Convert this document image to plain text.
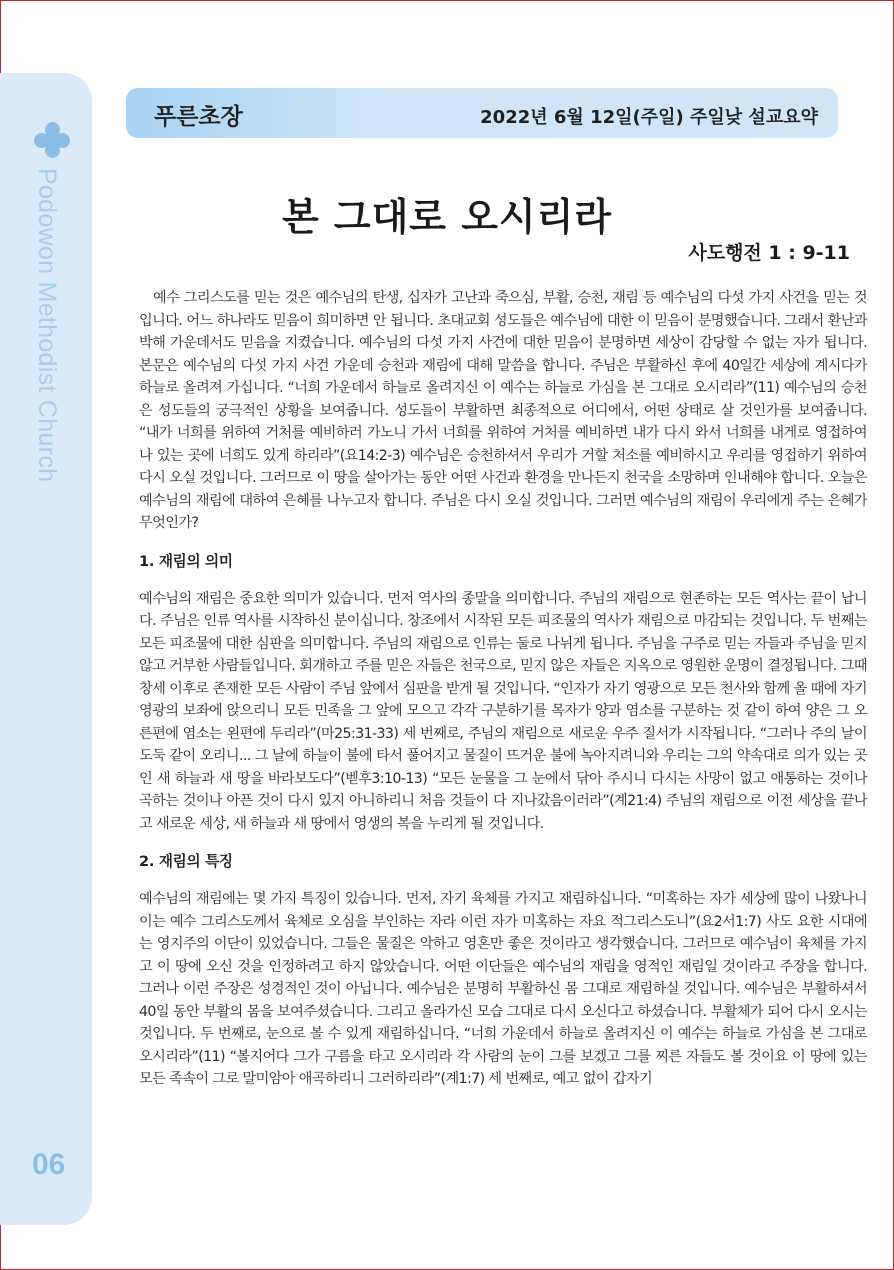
Podowon Methodist Church
06
푸른초장	2022년 6월 12일(주일) 주일낮 설교요약
본 그대로 오시리라
사도행전 1 : 9-11

예수 그리스도를 믿는 것은 예수님의 탄생, 십자가 고난과 죽으심, 부활, 승천, 재림 등 예수님의 다섯 가지 사건을 믿는 것입니다. 어느 하나라도 믿음이 희미하면 안 됩니다. 초대교회 성도들은 예수님에 대한 이 믿음이 분명했습니다. 그래서 환난과 박해 가운데서도 믿음을 지켰습니다. 예수님의 다섯 가지 사건에 대한 믿음이 분명하면 세상이 감당할 수 없는 자가 됩니다. 본문은 예수님의 다섯 가지 사건 가운데 승천과 재림에 대해 말씀을 합니다. 주님은 부활하신 후에 40일간 세상에 계시다가 하늘로 올려져 가십니다. “너희 가운데서 하늘로 올려지신 이 예수는 하늘로 가심을 본 그대로 오시리라”(11) 예수님의 승천은 성도들의 궁극적인 상황을 보여줍니다. 성도들이 부활하면 최종적으로 어디에서, 어떤 상태로 살 것인가를 보여줍니다. “내가 너희를 위하여 거처를 예비하러 가노니 가서 너희를 위하여 거처를 예비하면 내가 다시 와서 너희를 내게로 영접하여 나 있는 곳에 너희도 있게 하리라”(요14:2-3) 예수님은 승천하셔서 우리가 거할 처소를 예비하시고 우리를 영접하기 위하여 다시 오실 것입니다. 그러므로 이 땅을 살아가는 동안 어떤 사건과 환경을 만나든지 천국을 소망하며 인내해야 합니다. 오늘은 예수님의 재림에 대하여 은혜를 나누고자 합니다. 주님은 다시 오실 것입니다. 그러면 예수님의 재림이 우리에게 주는 은혜가 무엇인가?

1. 재림의 의미

예수님의 재림은 중요한 의미가 있습니다. 먼저 역사의 종말을 의미합니다. 주님의 재림으로 현존하는 모든 역사는 끝이 납니다. 주님은 인류 역사를 시작하신 분이십니다. 창조에서 시작된 모든 피조물의 역사가 재림으로 마감되는 것입니다. 두 번째는 모든 피조물에 대한 심판을 의미합니다. 주님의 재림으로 인류는 둘로 나뉘게 됩니다. 주님을 구주로 믿는 자들과 주님을 믿지 않고 거부한 사람들입니다. 회개하고 주를 믿은 자들은 천국으로, 믿지 않은 자들은 지옥으로 영원한 운명이 결정됩니다. 그때 창세 이후로 존재한 모든 사람이 주님 앞에서 심판을 받게 될 것입니다. “인자가 자기 영광으로 모든 천사와 함께 올 때에 자기 영광의 보좌에 앉으리니 모든 민족을 그 앞에 모으고 각각 구분하기를 목자가 양과 염소를 구분하는 것 같이 하여 양은 그 오른편에 염소는 왼편에 두리라”(마25:31-33) 세 번째로, 주님의 재림으로 새로운 우주 질서가 시작됩니다. “그러나 주의 날이 도둑 같이 오리니... 그 날에 하늘이 불에 타서 풀어지고 물질이 뜨거운 불에 녹아지려니와 우리는 그의 약속대로 의가 있는 곳인 새 하늘과 새 땅을 바라보도다”(벧후3:10-13) “모든 눈물을 그 눈에서 닦아 주시니 다시는 사망이 없고 애통하는 것이나 곡하는 것이나 아픈 것이 다시 있지 아니하리니 처음 것들이 다 지나갔음이러라”(계21:4) 주님의 재림으로 이전 세상을 끝나고 새로운 세상, 새 하늘과 새 땅에서 영생의 복을 누리게 될 것입니다.

2. 재림의 특징

예수님의 재림에는 몇 가지 특징이 있습니다. 먼저, 자기 육체를 가지고 재림하십니다. “미혹하는 자가 세상에 많이 나왔나니 이는 예수 그리스도께서 육체로 오심을 부인하는 자라 이런 자가 미혹하는 자요 적그리스도니”(요2서1:7) 사도 요한 시대에는 영지주의 이단이 있었습니다. 그들은 물질은 악하고 영혼만 좋은 것이라고 생각했습니다. 그러므로 예수님이 육체를 가지고 이 땅에 오신 것을 인정하려고 하지 않았습니다. 어떤 이단들은 예수님의 재림을 영적인 재림일 것이라고 주장을 합니다. 그러나 이런 주장은 성경적인 것이 아닙니다. 예수님은 분명히 부활하신 몸 그대로 재림하실 것입니다. 예수님은 부활하셔서 40일 동안 부활의 몸을 보여주셨습니다. 그리고 올라가신 모습 그대로 다시 오신다고 하셨습니다. 부활체가 되어 다시 오시는 것입니다. 두 번째로, 눈으로 볼 수 있게 재림하십니다. “너희 가운데서 하늘로 올려지신 이 예수는 하늘로 가심을 본 그대로 오시리라”(11) “볼지어다 그가 구름을 타고 오시리라 각 사람의 눈이 그를 보겠고 그를 찌른 자들도 볼 것이요 이 땅에 있는 모든 족속이 그로 말미암아 애곡하리니 그러하리라”(계1:7) 세 번째로, 예고 없이 갑자기
